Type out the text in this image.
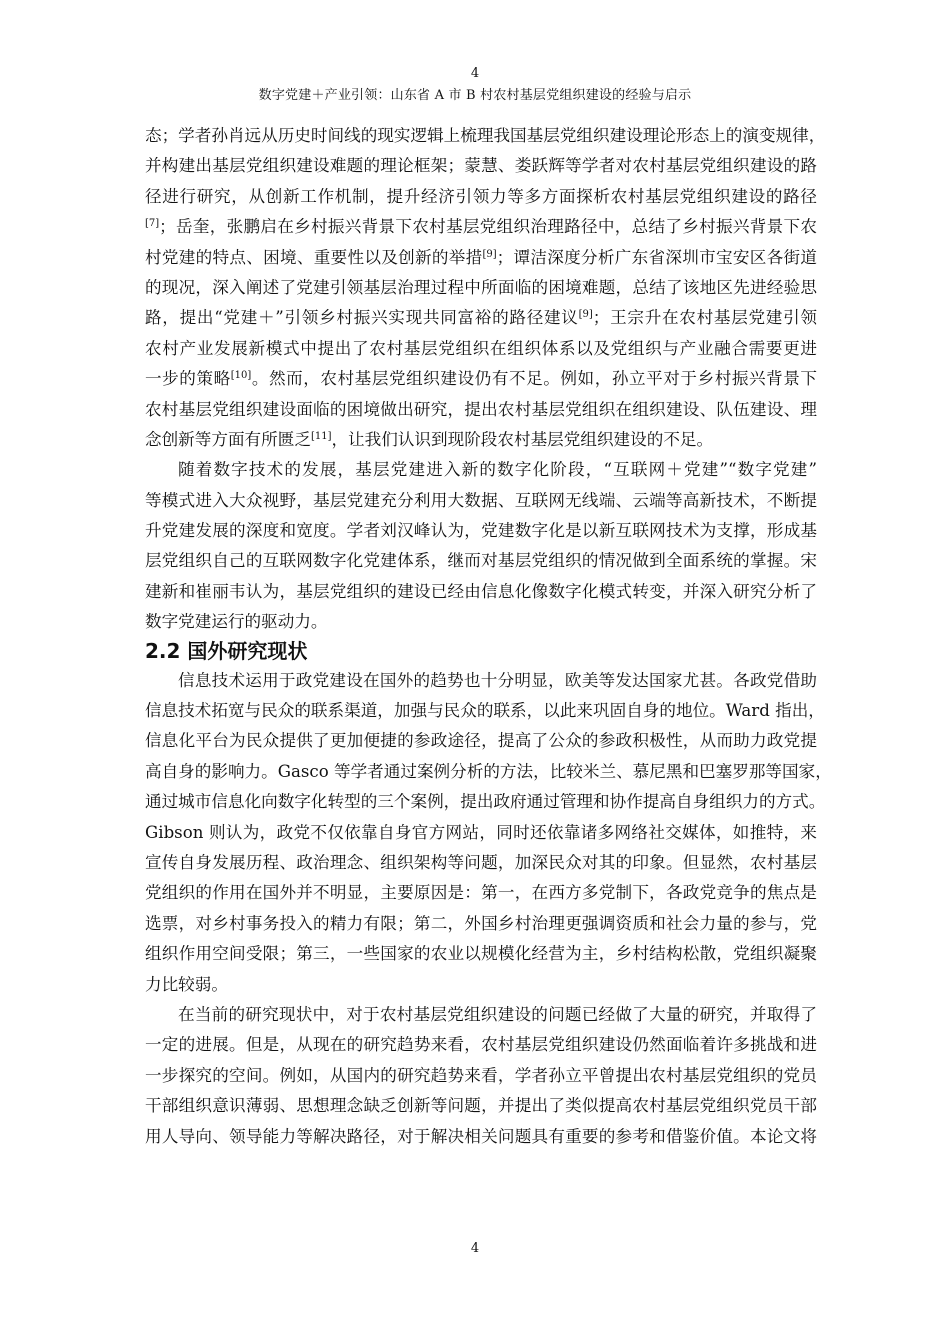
4
数字党建＋产业引领：山东省 A 市 B 村农村基层党组织建设的经验与启示
态；学者孙肖远从历史时间线的现实逻辑上梳理我国基层党组织建设理论形态上的演变规律，
并构建出基层党组织建设难题的理论框架；蒙慧、娄跃辉等学者对农村基层党组织建设的路
径进行研究，从创新工作机制，提升经济引领力等多方面探析农村基层党组织建设的路径
[7]；岳奎，张鹏启在乡村振兴背景下农村基层党组织治理路径中，总结了乡村振兴背景下农
村党建的特点、困境、重要性以及创新的举措[9]；谭洁深度分析广东省深圳市宝安区各街道
的现况，深入阐述了党建引领基层治理过程中所面临的困境难题，总结了该地区先进经验思
路，提出“党建＋”引领乡村振兴实现共同富裕的路径建议[9]；王宗升在农村基层党建引领
农村产业发展新模式中提出了农村基层党组织在组织体系以及党组织与产业融合需要更进
一步的策略[10]。然而，农村基层党组织建设仍有不足。例如，孙立平对于乡村振兴背景下
农村基层党组织建设面临的困境做出研究，提出农村基层党组织在组织建设、队伍建设、理
念创新等方面有所匮乏[11]，让我们认识到现阶段农村基层党组织建设的不足。
随着数字技术的发展，基层党建进入新的数字化阶段，“互联网＋党建”“数字党建”
等模式进入大众视野，基层党建充分利用大数据、互联网无线端、云端等高新技术，不断提
升党建发展的深度和宽度。学者刘汉峰认为，党建数字化是以新互联网技术为支撑，形成基
层党组织自己的互联网数字化党建体系，继而对基层党组织的情况做到全面系统的掌握。宋
建新和崔丽韦认为，基层党组织的建设已经由信息化像数字化模式转变，并深入研究分析了
数字党建运行的驱动力。
2.2 国外研究现状
信息技术运用于政党建设在国外的趋势也十分明显，欧美等发达国家尤甚。各政党借助
信息技术拓宽与民众的联系渠道，加强与民众的联系，以此来巩固自身的地位。Ward 指出，
信息化平台为民众提供了更加便捷的参政途径，提高了公众的参政积极性，从而助力政党提
高自身的影响力。Gasco 等学者通过案例分析的方法，比较米兰、慕尼黑和巴塞罗那等国家，
通过城市信息化向数字化转型的三个案例，提出政府通过管理和协作提高自身组织力的方式。
Gibson 则认为，政党不仅依靠自身官方网站，同时还依靠诸多网络社交媒体，如推特，来
宣传自身发展历程、政治理念、组织架构等问题，加深民众对其的印象。但显然，农村基层
党组织的作用在国外并不明显，主要原因是：第一，在西方多党制下，各政党竞争的焦点是
选票，对乡村事务投入的精力有限；第二，外国乡村治理更强调资质和社会力量的参与，党
组织作用空间受限；第三，一些国家的农业以规模化经营为主，乡村结构松散，党组织凝聚
力比较弱。
在当前的研究现状中，对于农村基层党组织建设的问题已经做了大量的研究，并取得了
一定的进展。但是，从现在的研究趋势来看，农村基层党组织建设仍然面临着许多挑战和进
一步探究的空间。例如，从国内的研究趋势来看，学者孙立平曾提出农村基层党组织的党员
干部组织意识薄弱、思想理念缺乏创新等问题，并提出了类似提高农村基层党组织党员干部
用人导向、领导能力等解决路径，对于解决相关问题具有重要的参考和借鉴价值。本论文将
4
